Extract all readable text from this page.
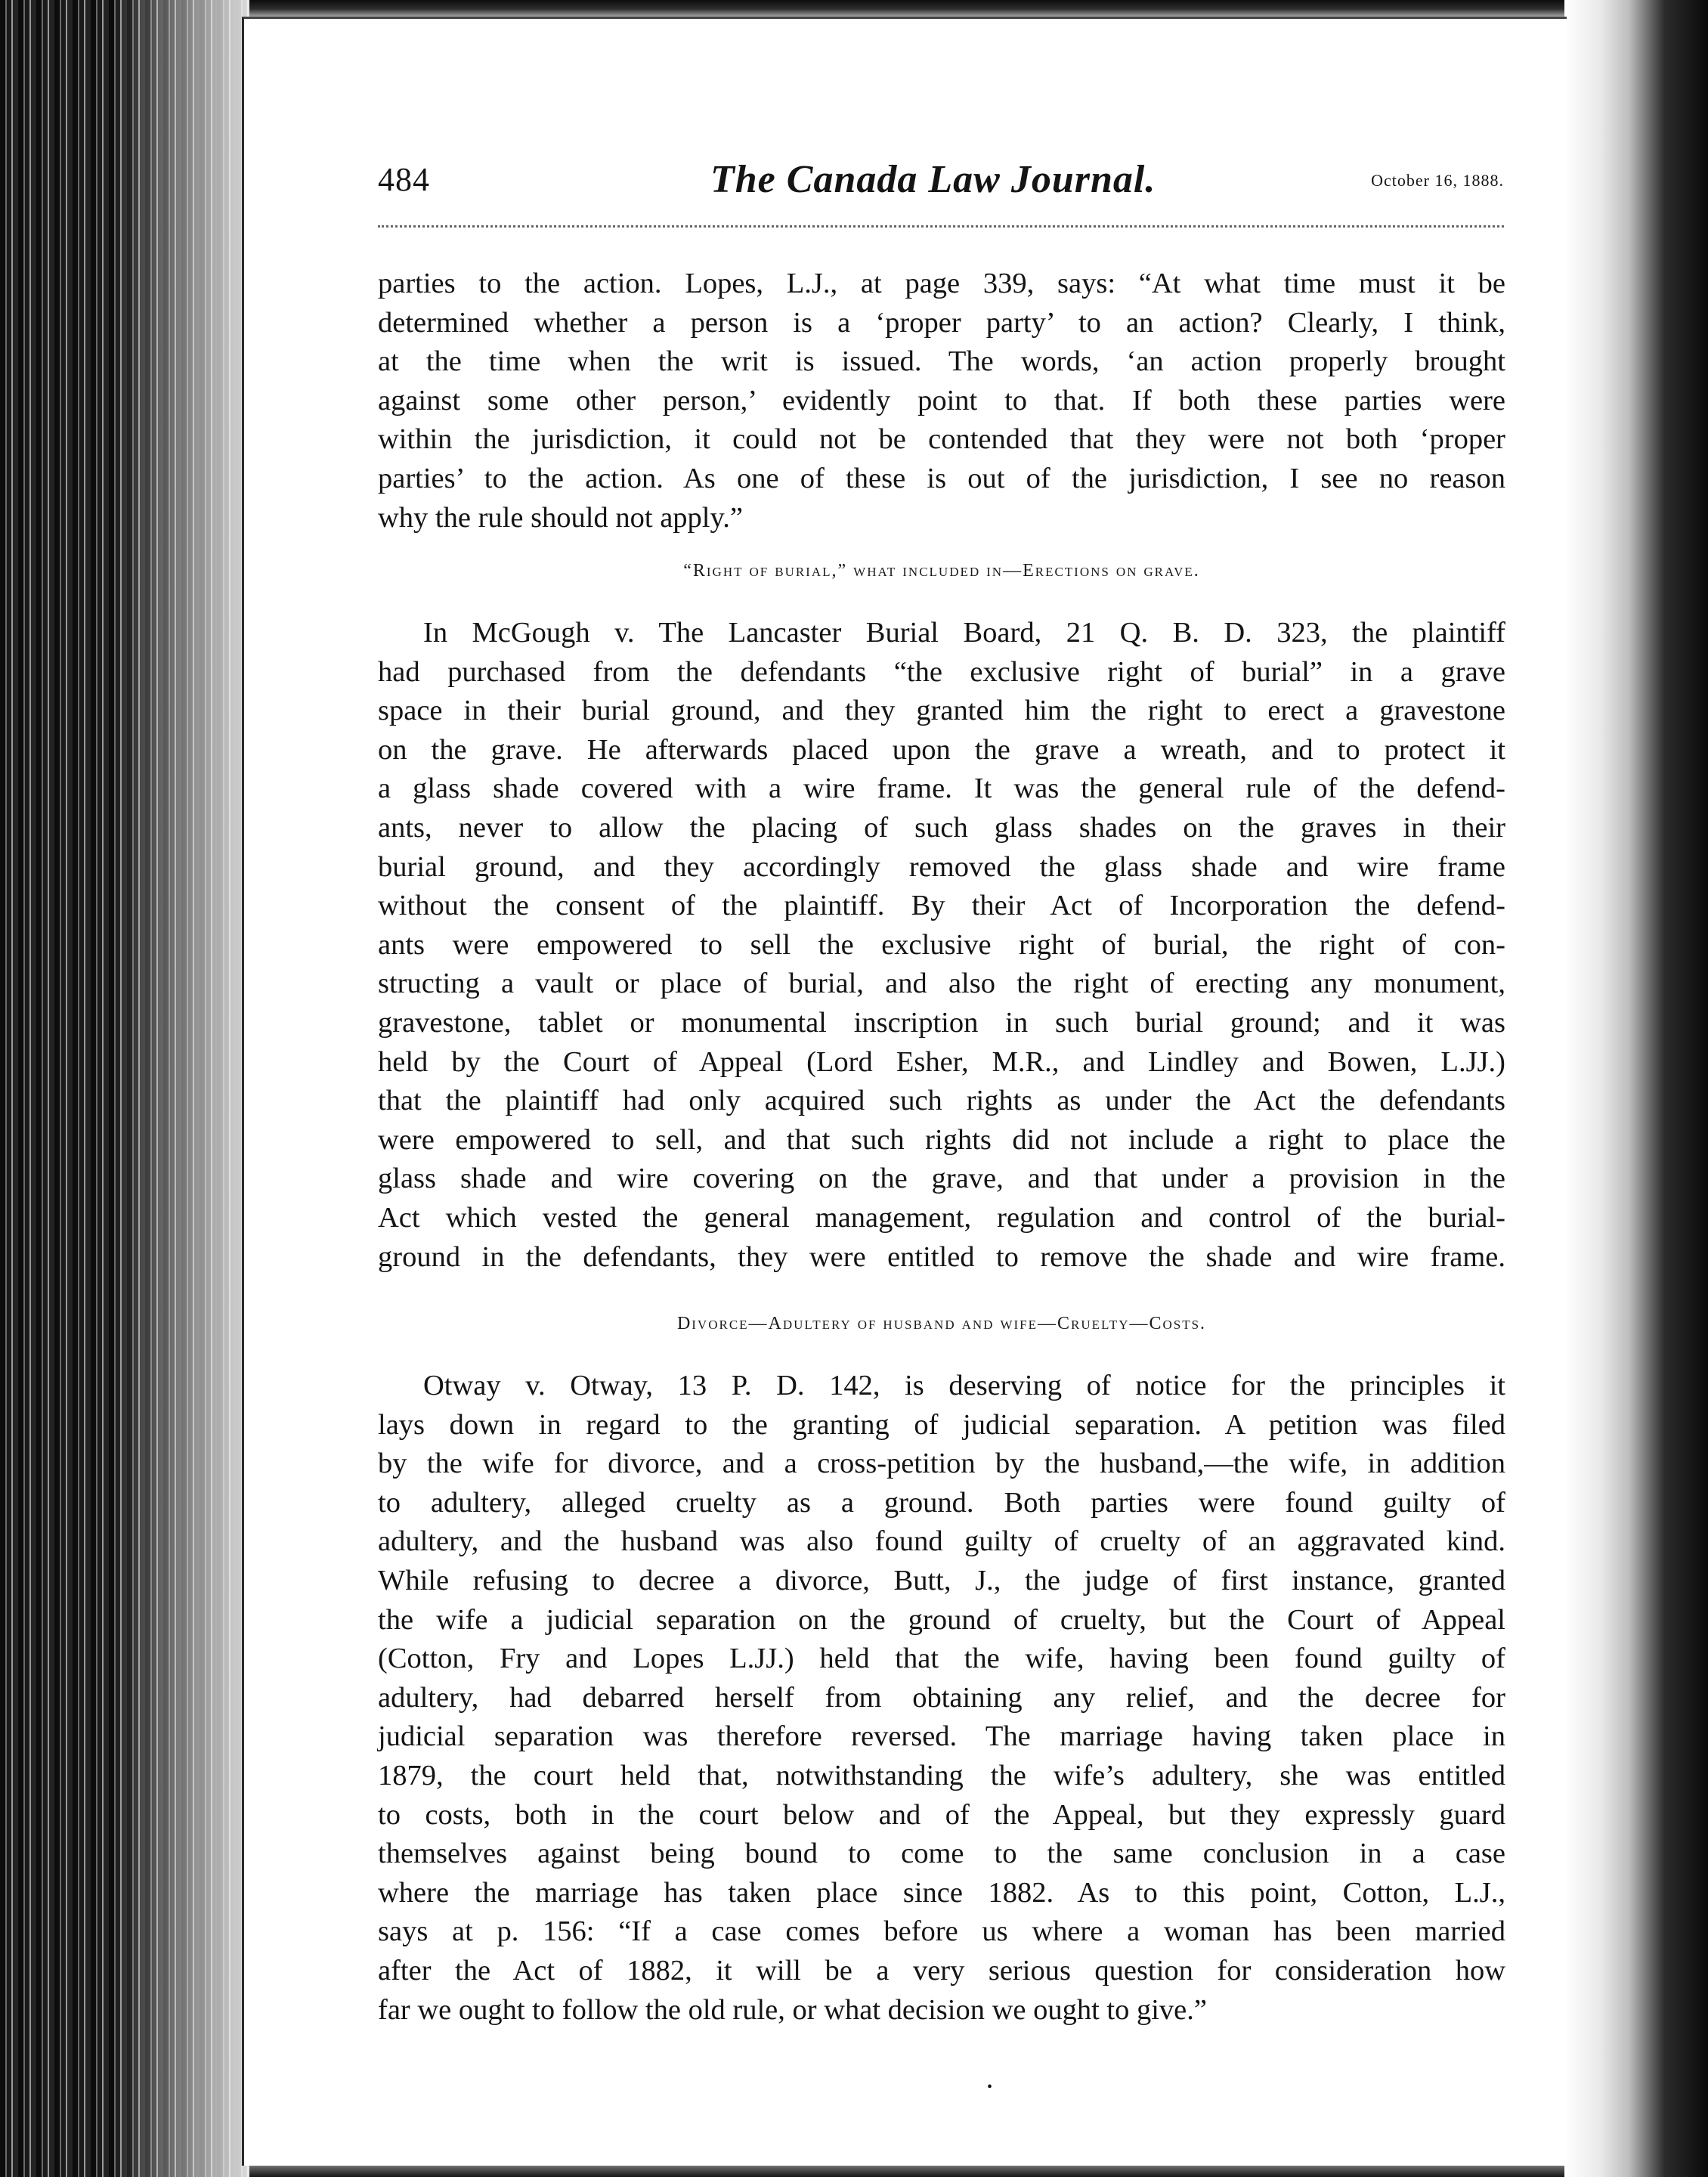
484	The Canada Law Journal.	October 16, 1888.
parties to the action. Lopes, L.J., at page 339, says: “At what time must it be
determined whether a person is a ‘proper party’ to an action? Clearly, I think,
at the time when the writ is issued. The words, ‘an action properly brought
against some other person,’ evidently point to that. If both these parties were
within the jurisdiction, it could not be contended that they were not both ‘proper
parties’ to the action. As one of these is out of the jurisdiction, I see no reason
why the rule should not apply.”
“Right of burial,” what included in—Erections on grave.
In McGough v. The Lancaster Burial Board, 21 Q. B. D. 323, the plaintiff
had purchased from the defendants “the exclusive right of burial” in a grave
space in their burial ground, and they granted him the right to erect a gravestone
on the grave. He afterwards placed upon the grave a wreath, and to protect it
a glass shade covered with a wire frame. It was the general rule of the defend-
ants, never to allow the placing of such glass shades on the graves in their
burial ground, and they accordingly removed the glass shade and wire frame
without the consent of the plaintiff. By their Act of Incorporation the defend-
ants were empowered to sell the exclusive right of burial, the right of con-
structing a vault or place of burial, and also the right of erecting any monument,
gravestone, tablet or monumental inscription in such burial ground; and it was
held by the Court of Appeal (Lord Esher, M.R., and Lindley and Bowen, L.JJ.)
that the plaintiff had only acquired such rights as under the Act the defendants
were empowered to sell, and that such rights did not include a right to place the
glass shade and wire covering on the grave, and that under a provision in the
Act which vested the general management, regulation and control of the burial-
ground in the defendants, they were entitled to remove the shade and wire frame.
Divorce—Adultery of husband and wife—Cruelty—Costs.
Otway v. Otway, 13 P. D. 142, is deserving of notice for the principles it
lays down in regard to the granting of judicial separation. A petition was filed
by the wife for divorce, and a cross-petition by the husband,—the wife, in addition
to adultery, alleged cruelty as a ground. Both parties were found guilty of
adultery, and the husband was also found guilty of cruelty of an aggravated kind.
While refusing to decree a divorce, Butt, J., the judge of first instance, granted
the wife a judicial separation on the ground of cruelty, but the Court of Appeal
(Cotton, Fry and Lopes L.JJ.) held that the wife, having been found guilty of
adultery, had debarred herself from obtaining any relief, and the decree for
judicial separation was therefore reversed. The marriage having taken place in
1879, the court held that, notwithstanding the wife’s adultery, she was entitled
to costs, both in the court below and of the Appeal, but they expressly guard
themselves against being bound to come to the same conclusion in a case
where the marriage has taken place since 1882. As to this point, Cotton, L.J.,
says at p. 156: “If a case comes before us where a woman has been married
after the Act of 1882, it will be a very serious question for consideration how
far we ought to follow the old rule, or what decision we ought to give.”
•
